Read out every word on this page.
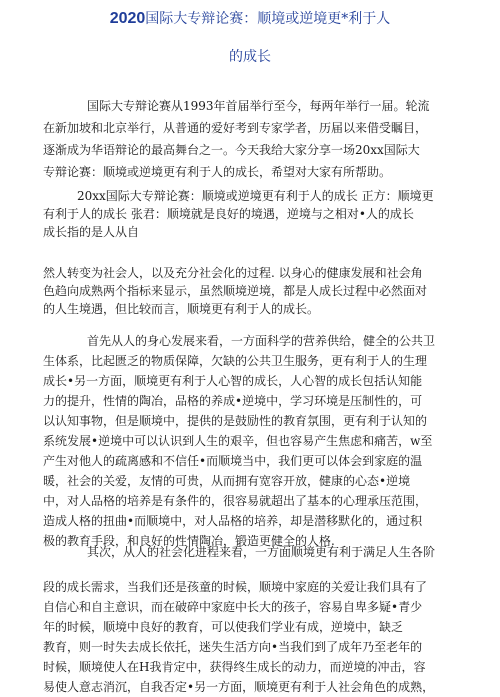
2020国际大专辩论赛：顺境或逆境更*利于人
的成长
国际大专辩论赛从1993年首届举行至今，每两年举行一届。轮流
在新加坡和北京举行，从普通的爱好考到专家学者，历届以来借受瞩目，
逐渐成为华语辩论的最高舞台之一。今天我给大家分享一场20xx国际大
专辩论赛：顺境或逆境更有利于人的成长，希望对大家有所帮助。
20xx国际大专辩论赛：顺境或逆境更有利于人的成长 正方：顺境更
有利于人的成长 张君：顺境就是良好的境遇，逆境与之相对•人的成长
成长指的是人从自
然人转变为社会人，以及充分社会化的过程. 以身心的健康发展和社会角
色趋向成熟两个指标来显示，虽然顺境逆境，都是人成长过程中必然面对
的人生境遇，但比较而言，顺境更有利于人的成长。
首先从人的身心发展来看，一方面科学的营养供给，健全的公共卫
生体系，比起匮乏的物质保障，欠缺的公共卫生服务，更有利于人的生理
成长•另一方面，顺境更有利于人心智的成长，人心智的成长包括认知能
力的提升，性情的陶冶，品格的养成•逆境中，学习环境是压制性的，可
以认知事物，但是顺境中，提供的是鼓励性的教育氛围，更有利于认知的
系统发展•逆境中可以认识到人生的艰辛，但也容易产生焦虑和痛苦，w至
产生对他人的疏离感和不信任•而顺境当中，我们更可以体会到家庭的温
暖，社会的关爱，友情的可贵，从而拥有宽容开放，健康的心态•逆境
中，对人品格的培养是有条件的，很容易就超出了基本的心理承压范围，
造成人格的扭曲•而顺境中，对人品格的培养，却是潜移默化的，通过积
极的教育手段，和良好的性情陶冶，锻造更健全的人格.
其次，从人的社会化进程来看，一方面顺境更有利于满足人生各阶
段的成长需求，当我们还是孩童的时候，顺境中家庭的关爱让我们具有了
自信心和自主意识，而在破碎中家庭中长大的孩子，容易自卑多疑•青少
年的时候，顺境中良好的教育，可以使我们学业有成，逆境中，缺乏
教育，则一时失去成长依托，迷失生活方向•当我们到了成年乃至老年的
时候，顺境使人在H我肯定中，获得终生成长的动力，而逆境的冲击，容
易使人意志消沉，自我否定•另一方面，顺境更有利于人社会角色的成熟，
